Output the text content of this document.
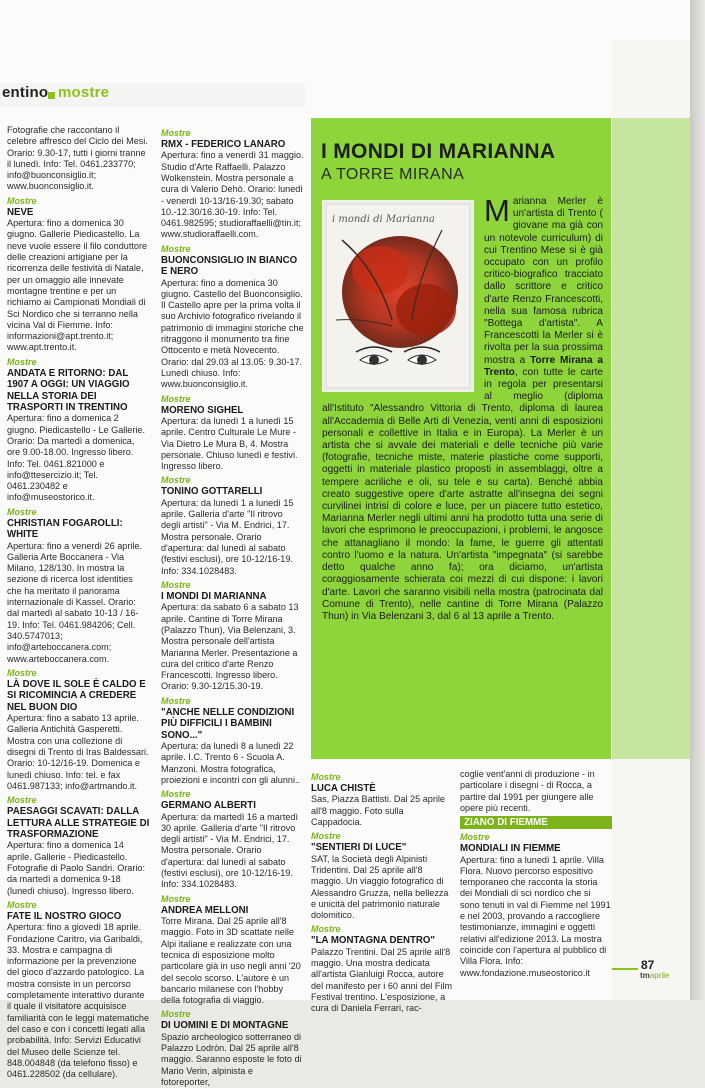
entino mostre

Fotografie che raccontano il celebre affresco del Ciclo dei Mesi. Orario: 9.30-17, tutti i giorni tranne il lunedì. Info: Tel. 0461.233770; info@buonconsiglio.it; www.buonconsiglio.it.

Mostre
NEVE

Apertura: fino a domenica 30 giugno. Gallerie Piedicastello. La neve vuole essere il filo conduttore delle creazioni artigiane per la ricorrenza delle festività di Natale, per un omaggio alle innevate montagne trentine e per un richiamo ai Campionati Mondiali di Sci Nordico che si terranno nella vicina Val di Fiemme. Info: informazioni@apt.trento.it; www.apt.trento.it.

Mostre
ANDATA E RITORNO: DAL 1907 A OGGI: UN VIAGGIO NELLA STORIA DEI TRASPORTI IN TRENTINO

Apertura: fino a domenica 2 giugno. Piedicastello - Le Gallerie. Orario: Da martedì a domenica, ore 9.00-18.00. Ingresso libero. Info: Tel. 0461.821000 e info@ttesercizio.it; Tel. 0461.230482 e info@museostorico.it.

Mostre
CHRISTIAN FOGAROLLI: WHITE

Apertura: fino a venerdì 26 aprile. Galleria Arte Boccanera - Via Milano, 128/130. In mostra la sezione di ricerca lost identities che ha meritato il panorama internazionale di Kassel. Orario: dal martedì al sabato 10-13 / 16-19. Info: Tel. 0461.984206; Cell. 340.5747013; info@arteboccanera.com; www.arteboccanera.com.

Mostre
LÀ DOVE IL SOLE È CALDO E SI RICOMINCIA A CREDERE NEL BUON DIO

Apertura: fino a sabato 13 aprile. Galleria Antichità Gasperetti. Mostra con una collezione di disegni di Trento di Iras Baldessari. Orario: 10-12/16-19. Domenica e lunedì chiuso. Info: tel. e fax 0461.987133; info@artmando.it.

Mostre
PAESAGGI SCAVATI: DALLA LETTURA ALLE STRATEGIE DI TRASFORMAZIONE

Apertura: fino a domenica 14 aprile. Gallerie - Piedicastello. Fotografie di Paolo Sandri. Orario: da martedì a domenica 9-18 (lunedì chiuso). Ingresso libero.

Mostre
FATE IL NOSTRO GIOCO

Apertura: fino a giovedì 18 aprile. Fondazione Caritro, via Garibaldi, 33. Mostra e campagna di informazione per la prevenzione del gioco d'azzardo patologico. La mostra consiste in un percorso completamente interattivo durante il quale il visitatore acquisisce familiarità con le leggi matematiche del caso e con i concetti legati alla probabilità. Info: Servizi Educativi del Museo delle Scienze tel. 848.004848 (da telefono fisso) e 0461.228502 (da cellulare).

Mostre
RMX - FEDERICO LANARO

Apertura: fino a venerdì 31 maggio. Studio d'Arte Raffaelli. Palazzo Wolkenstein. Mostra personale a cura di Valerio Dehò. Orario: lunedì - venerdì 10-13/16-19.30; sabato 10.-12.30/16.30-19. Info: Tel. 0461.982595; studioraffaelli@tin.it; www.studioraffaelli.com.

Mostre
BUONCONSIGLIO IN BIANCO E NERO

Apertura: fino a domenica 30 giugno. Castello del Buonconsiglio. Il Castello apre per la prima volta il suo Archivio fotografico rivelando il patrimonio di immagini storiche che ritraggono il monumento tra fine Ottocento e metà Novecento. Orario: dal 29.03 al 13.05: 9.30-17. Lunedì chiuso. Info: www.buonconsiglio.it.

Mostre
MORENO SIGHEL

Apertura: da lunedì 1 a lunedì 15 aprile. Centro Culturale Le Mure - Via Dietro Le Mura B, 4. Mostra personale. Chiuso lunedì e festivi. Ingresso libero.

Mostre
TONINO GOTTARELLI

Apertura: da lunedì 1 a lunedì 15 aprile. Galleria d'arte "Il ritrovo degli artisti" - Via M. Endrici, 17. Mostra personale. Orario d'apertura: dal lunedì al sabato (festivi esclusi), ore 10-12/16-19. Info: 334.1028483.

Mostre
I MONDI DI MARIANNA

Apertura: da sabato 6 a sabato 13 aprile. Cantine di Torre Mirana (Palazzo Thun), Via Belenzani, 3. Mostra personale dell'artista Marianna Merler. Presentazione a cura del critico d'arte Renzo Francescotti. Ingresso libero. Orario: 9.30-12/15.30-19.

Mostre
"ANCHE NELLE CONDIZIONI PIÙ DIFFICILI I BAMBINI SONO..."

Apertura: da lunedì 8 a lunedì 22 aprile. I.C. Trento 6 - Scuola A. Manzoni. Mostra fotografica, proiezioni e incontri con gli alunni..

Mostre
GERMANO ALBERTI

Apertura: da martedì 16 a martedì 30 aprile. Galleria d'arte "Il ritrovo degli artisti" - Via M. Endrici, 17. Mostra personale. Orario d'apertura: dal lunedì al sabato (festivi esclusi), ore 10-12/16-19. Info: 334.1028483.

Mostre
ANDREA MELLONI

Torre Mirana. Dal 25 aprile all'8 maggio. Foto in 3D scattate nelle Alpi italiane e realizzate con una tecnica di esposizione molto particolare già in uso negli anni '20 del secolo scorso. L'autore è un bancario milanese con l'hobby della fotografia di viaggio.

Mostre
DI UOMINI E DI MONTAGNE

Spazio archeologico sotterraneo di Palazzo Lodròn. Dal 25 aprile all'8 maggio. Saranno esposte le foto di Mario Verin, alpinista e fotoreporter,

I MONDI DI MARIANNA
A TORRE MIRANA
i mondi di Marianna M arianna Merler è un'artista di Trento ( giovane ma già con un notevole curriculum) di cui Trentino Mese si è già occupato con un profilo critico-biografico tracciato dallo scrittore e critico d'arte Renzo Francescotti, nella sua famosa rubrica "Bottega d'artista". A Francescotti la Merler si è rivolta per la sua prossima mostra a Torre Mirana a Trento, con tutte le carte in regola per presentarsi al meglio (diploma all'Istituto "Alessandro Vittoria di Trento, diploma di laurea all'Accademia di Belle Arti di Venezia, venti anni di esposizioni personali e collettive in Italia e in Europa). La Merler è un artista che si avvale dei materiali e delle tecniche più varie (fotografie, tecniche miste, materie plastiche come supporti, oggetti in materiale plastico proposti in assemblaggi, oltre a tempere acriliche e oli, su tele e su carta). Benché abbia creato suggestive opere d'arte astratte all'insegna dei segni curvilinei intrisi di colore e luce, per un piacere tutto estetico, Marianna Merler negli ultimi anni ha prodotto tutta una serie di lavori che esprimono le preoccupazioni, i problemi, le angosce che attanagliano il mondo: la fame, le guerre gli attentati contro l'uomo e la natura. Un'artista "impegnata" (si sarebbe detto qualche anno fa); ora diciamo, un'artista coraggiosamente schierata coi mezzi di cui dispone: i lavori d'arte. Lavori che saranno visibili nella mostra (patrocinata dal Comune di Trento), nelle cantine di Torre Mirana (Palazzo Thun) in Via Belenzani 3, dal 6 al 13 aprile a Trento.
Mostre
LUCA CHISTÈ

Sas, Piazza Battisti. Dal 25 aprile all'8 maggio. Foto sulla Cappadocia.

Mostre
"SENTIERI DI LUCE"

SAT, la Società degli Alpinisti Tridentini. Dal 25 aprile all'8 maggio. Un viaggio fotografico di Alessandro Gruzza, nella bellezza e unicità del patrimonio naturale dolomitico.

Mostre
"LA MONTAGNA DENTRO"

Palazzo Trentini. Dal 25 aprile all'8 maggio. Una mostra dedicata all'artista Gianluigi Rocca, autore del manifesto per i 60 anni del Film Festival trentino. L'esposizione, a cura di Daniela Ferrari, rac-

coglie vent'anni di produzione - in particolare i disegni - di Rocca, a partire dal 1991 per giungere alle opere più recenti.

ZIANO DI FIEMME
Mostre
MONDIALI IN FIEMME

Apertura: fino a lunedì 1 aprile. Villa Flora. Nuovo percorso espositivo temporaneo che racconta la storia dei Mondiali di sci nordico che si sono tenuti in val di Fiemme nel 1991 e nel 2003, provando a raccogliere testimonianze, immagini e oggetti relativi all'edizione 2013. La mostra coincide con l'apertura al pubblico di Villa Flora. Info: www.fondazione.museostorico.it

87
tmaprile
